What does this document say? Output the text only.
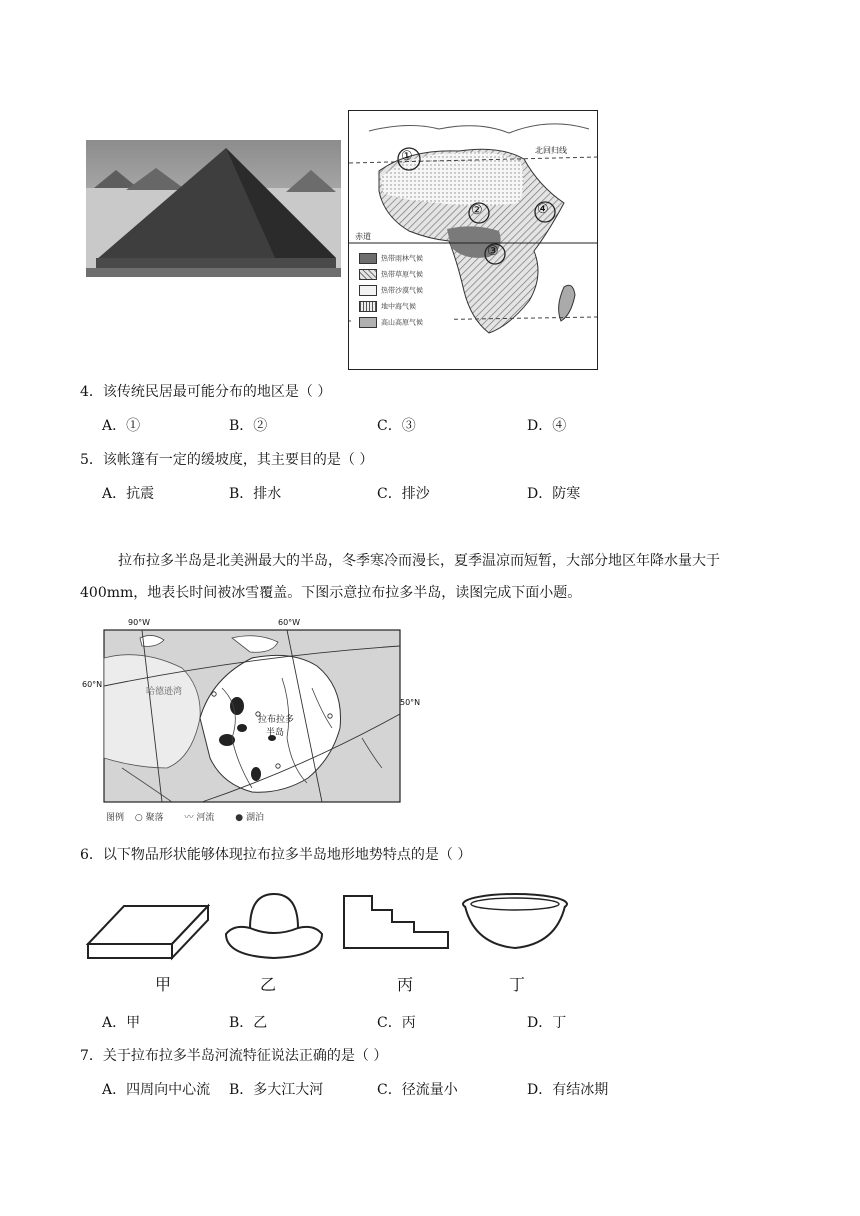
①
②
③
④
北回归线
赤道
热带雨林气候
热带草原气候
热带沙漠气候
地中海气候
高山高原气候
4．该传统民居最可能分布的地区是（ ）
A．①	B．②	C．③	D．④
5．该帐篷有一定的缓坡度，其主要目的是（ ）
A．抗震	B．排水	C．排沙	D．防寒
拉布拉多半岛是北美洲最大的半岛，冬季寒冷而漫长，夏季温凉而短暂，大部分地区年降水量大于
400mm，地表长时间被冰雪覆盖。下图示意拉布拉多半岛，读图完成下面小题。
90°W	60°W
60°N
50°N
哈德逊湾
拉布拉多
半岛
图例 ○ 聚落 〰 河流 ● 湖泊
6．以下物品形状能够体现拉布拉多半岛地形地势特点的是（ ）
甲	乙	丙	丁
A．甲	B．乙	C．丙	D．丁
7．关于拉布拉多半岛河流特征说法正确的是（ ）
A．四周向中心流 B．多大江大河	C．径流量小	D．有结冰期
